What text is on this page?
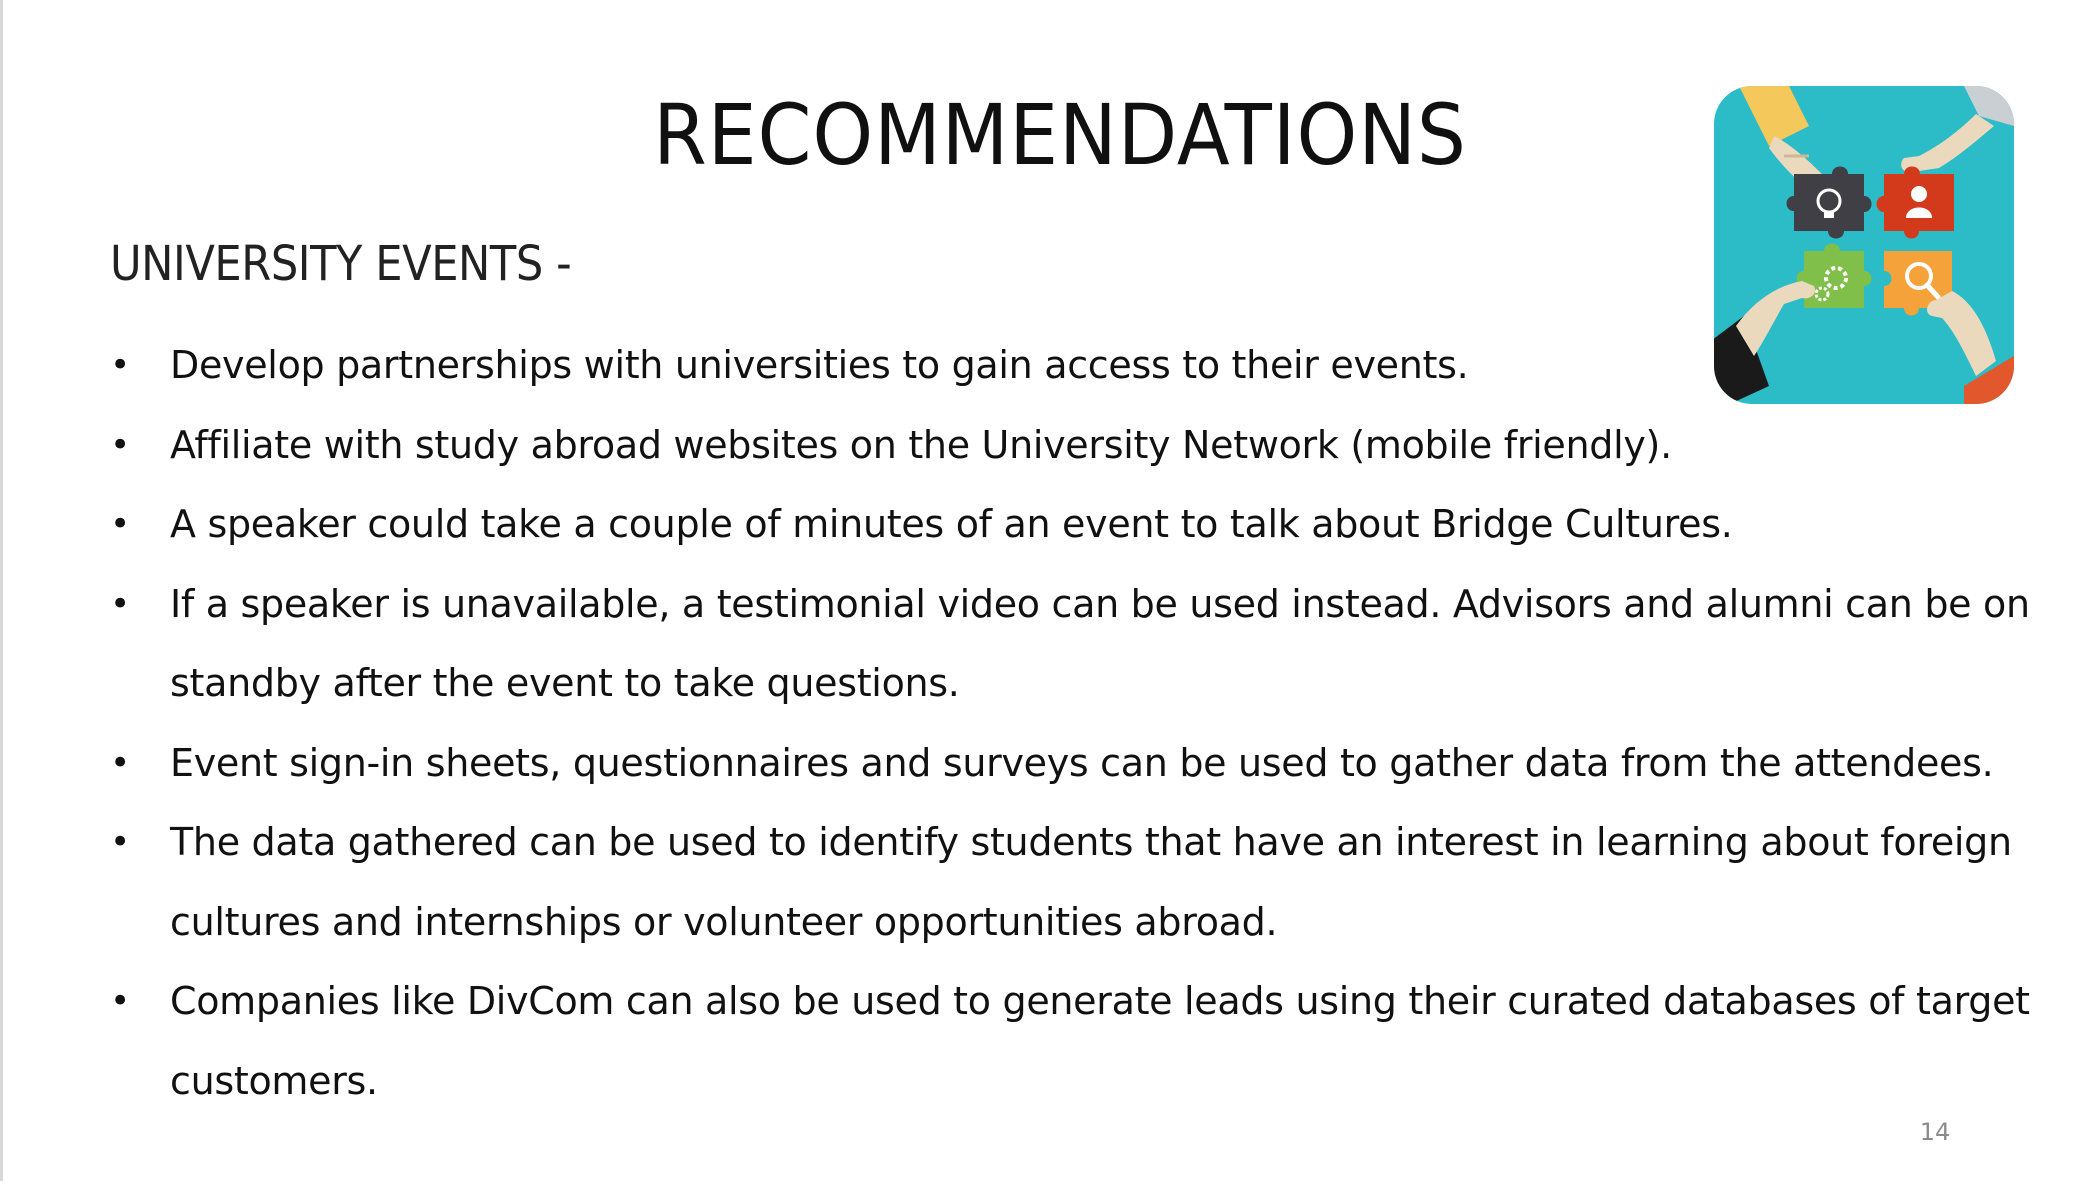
RECOMMENDATIONS
UNIVERSITY EVENTS -
• Develop partnerships with universities to gain access to their events.
• Affiliate with study abroad websites on the University Network (mobile friendly).
• A speaker could take a couple of minutes of an event to talk about Bridge Cultures.
• If a speaker is unavailable, a testimonial video can be used instead. Advisors and alumni can be on standby after the event to take questions.
• Event sign-in sheets, questionnaires and surveys can be used to gather data from the attendees.
• The data gathered can be used to identify students that have an interest in learning about foreign cultures and internships or volunteer opportunities abroad.
• Companies like DivCom can also be used to generate leads using their curated databases of target customers.
14
